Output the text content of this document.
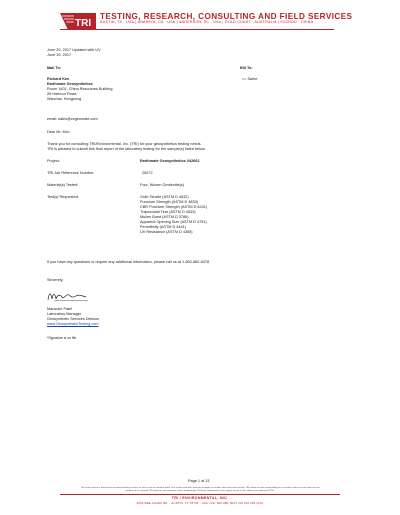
TRI
TESTING, RESEARCH, CONSULTING AND FIELD SERVICES
AUSTIN, TX · USA | ANAHEIM, CA · USA | ANDERSON, SC · USA | GOLD COAST · AUSTRALIA | SUZHOU · CHINA
June 29, 2017 Updated with UV
June 19, 2017
Mail To:	Bill To:
Richard Ken	<= Same
Earthmate Geosynthetics
Room 1401, China Resources Building
26 Harbour Road,
Wanchai, Hongkong
email: sales@ccgeomate.com
Dear Mr. Ken:
Thank you for consulting TRI/Environmental, Inc. (TRI) for your geosynthetics testing needs.
TRI is pleased to submit this final report of the laboratory testing for the sample(s) listed below.
Project:	Earthmate Geosynthetics 042662
TRI Job Reference Number:	25072
Material(s) Tested:	Four, Woven Geotextile(s)
Test(s) Requested:	Grab Tensile (ASTM D 4632)
Puncture Strength (ASTM D 4833)
CBR Puncture Strength (ASTM D 6241)
Trapezoidal Tear (ASTM D 4533)
Mullen Burst (ASTM D 3786)
Apparent Opening Size (ASTM D 4751)
Permittivity (ASTM D 4491)
UV Resistance (ASTM D 4355)
If you have any questions or require any additional information, please call us at 1-800-880-8378
Sincerely,
Mansukh Patel
Laboratory Manager
Geosynthetic Services Division
www.GeosyntheticTesting.com
*Signature is on file
Page 1 of 13
The testing herein is based upon accepted industry practice as well as the test method listed. Test results reported herein do not apply to samples other than those tested. TRI neither accepts responsibility for nor makes claim as to the final use and purpose of the material. TRI observes and maintains client confidentiality. TRI limits reproduction of this report, except in full, without prior approval of TRI.
TRI / ENVIRONMENTAL, INC.
9063 BEE CAVES RD. · AUSTIN, TX 78733 · USA | PH: 800.880.TEST OR 512.263.2101
